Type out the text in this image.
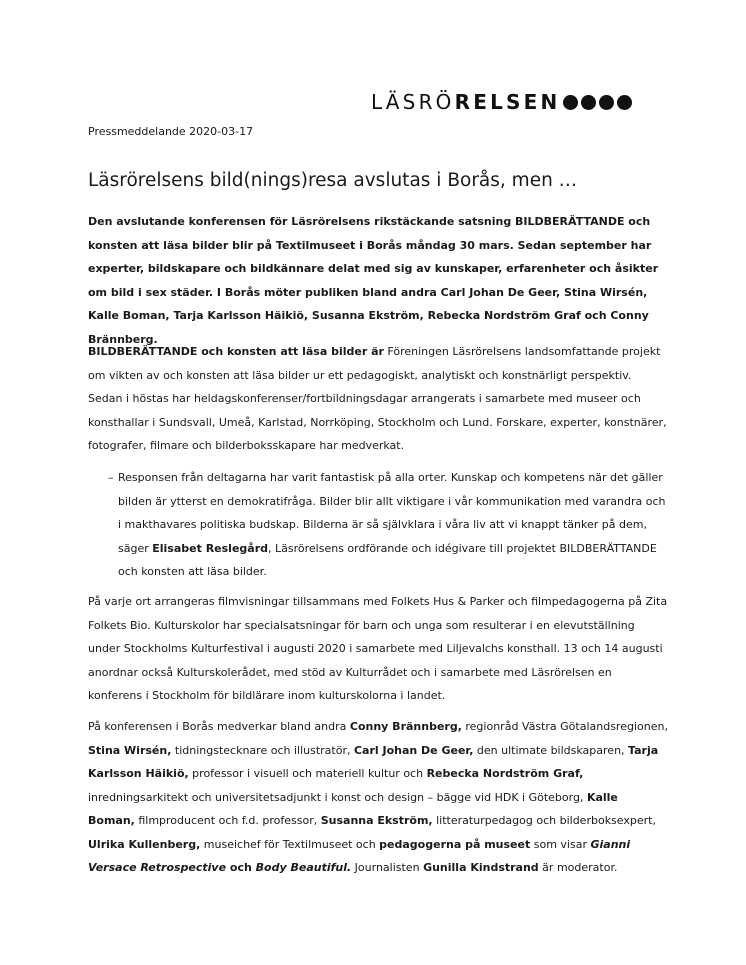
LÄSRÖ RELSEN
Pressmeddelande 2020-03-17
Läsrörelsens bild(nings)resa avslutas i Borås, men …

Den avslutande konferensen för Läsrörelsens rikstäckande satsning BILDBERÄTTANDE och konsten att läsa bilder blir på Textilmuseet i Borås måndag 30 mars. Sedan september har experter, bildskapare och bildkännare delat med sig av kunskaper, erfarenheter och åsikter om bild i sex städer. I Borås möter publiken bland andra Carl Johan De Geer, Stina Wirsén, Kalle Boman, Tarja Karlsson Häikiö, Susanna Ekström, Rebecka Nordström Graf och Conny Brännberg.

BILDBERÄTTANDE och konsten att läsa bilder är Föreningen Läsrörelsens landsomfattande projekt om vikten av och konsten att läsa bilder ur ett pedagogiskt, analytiskt och konstnärligt perspektiv. Sedan i höstas har heldagskonferenser/fortbildningsdagar arrangerats i samarbete med museer och konsthallar i Sundsvall, Umeå, Karlstad, Norrköping, Stockholm och Lund. Forskare, experter, konstnärer, fotografer, filmare och bilderboksskapare har medverkat.

– Responsen från deltagarna har varit fantastisk på alla orter. Kunskap och kompetens när det gäller bilden är ytterst en demokratifråga. Bilder blir allt viktigare i vår kommunikation med varandra och i makthavares politiska budskap. Bilderna är så självklara i våra liv att vi knappt tänker på dem, säger Elisabet Reslegård, Läsrörelsens ordförande och idégivare till projektet BILDBERÄTTANDE och konsten att läsa bilder.

På varje ort arrangeras filmvisningar tillsammans med Folkets Hus & Parker och filmpedagogerna på Zita Folkets Bio. Kulturskolor har specialsatsningar för barn och unga som resulterar i en elevutställning under Stockholms Kulturfestival i augusti 2020 i samarbete med Liljevalchs konsthall. 13 och 14 augusti anordnar också Kulturskolerådet, med stöd av Kulturrådet och i samarbete med Läsrörelsen en konferens i Stockholm för bildlärare inom kulturskolorna i landet.

På konferensen i Borås medverkar bland andra Conny Brännberg, regionråd Västra Götalandsregionen, Stina Wirsén, tidningstecknare och illustratör, Carl Johan De Geer, den ultimate bildskaparen, Tarja Karlsson Häikiö, professor i visuell och materiell kultur och Rebecka Nordström Graf, inredningsarkitekt och universitetsadjunkt i konst och design – bägge vid HDK i Göteborg, Kalle Boman, filmproducent och f.d. professor, Susanna Ekström, litteraturpedagog och bilderboksexpert, Ulrika Kullenberg, museichef för Textilmuseet och pedagogerna på museet som visar Gianni Versace Retrospective och Body Beautiful. Journalisten Gunilla Kindstrand är moderator.
